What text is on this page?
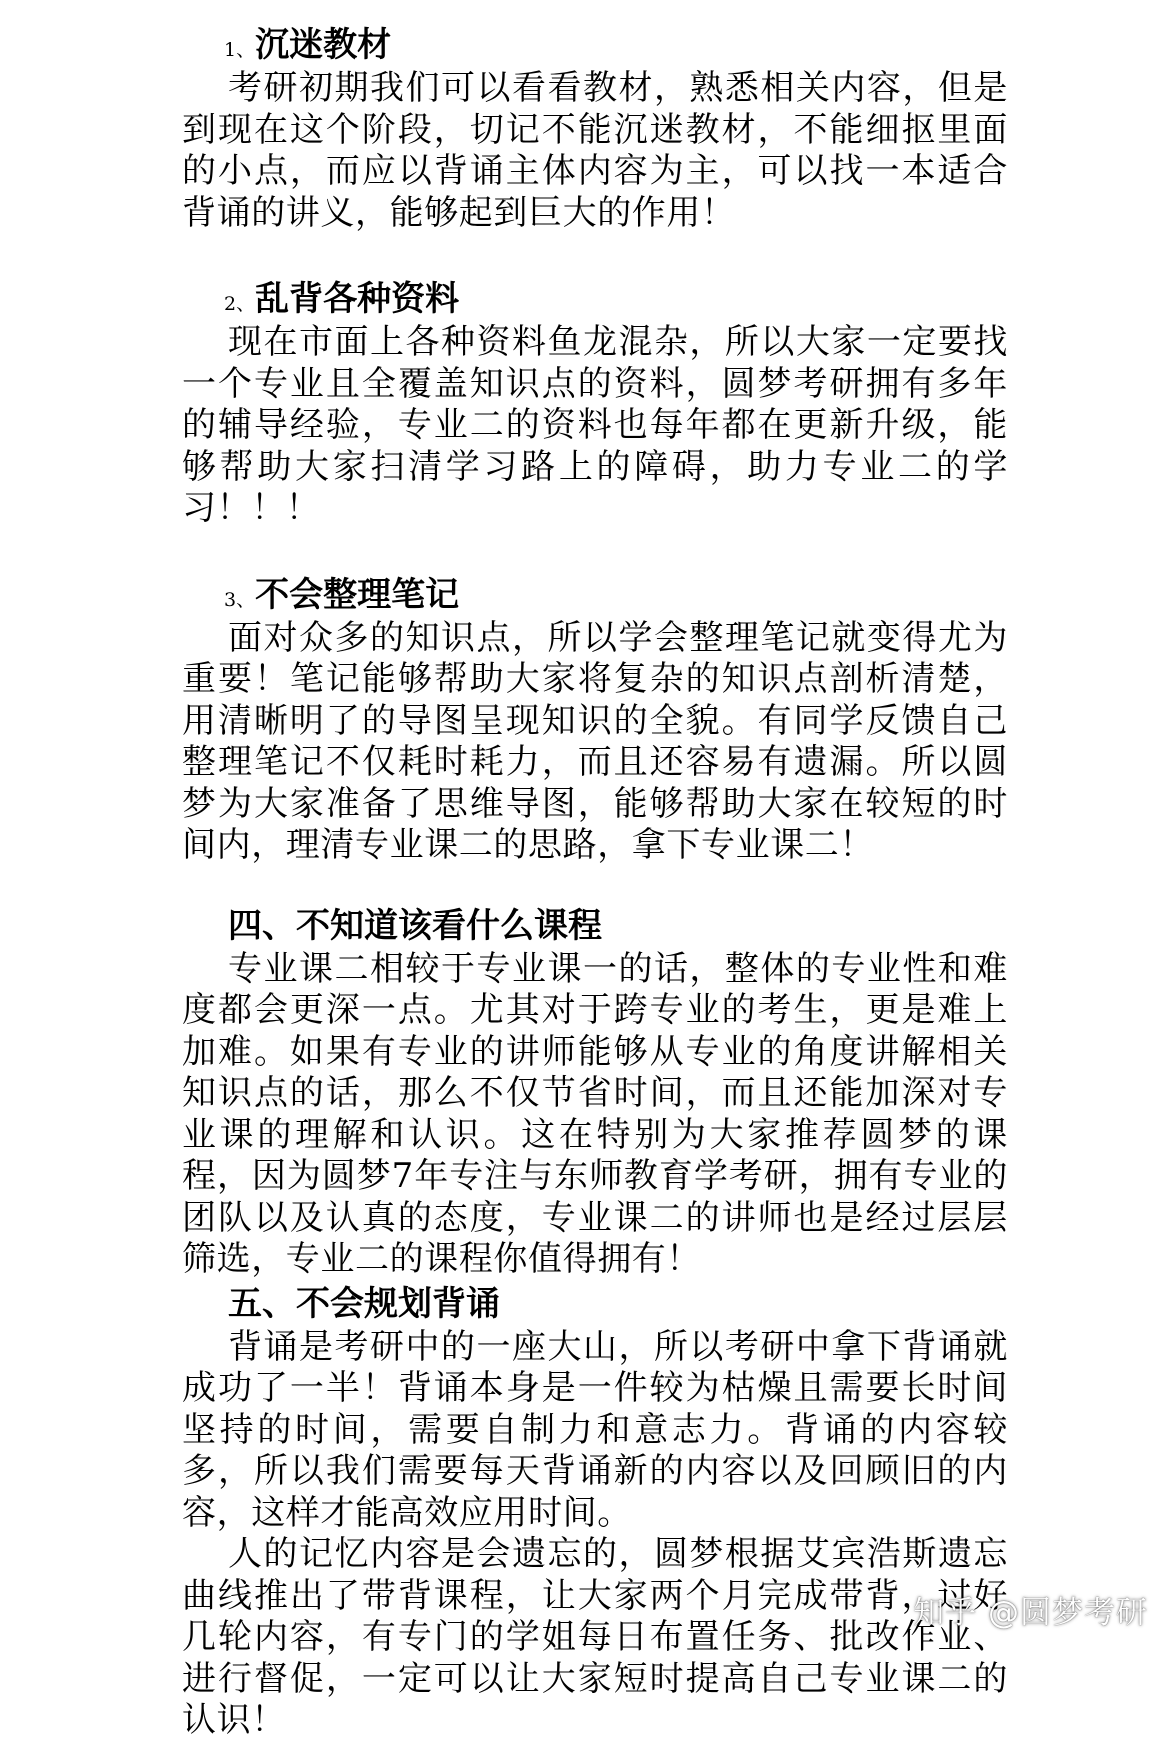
1、沉迷教材

考研初期我们可以看看教材，熟悉相关内容，但是到现在这个阶段，切记不能沉迷教材，不能细抠里面的小点，而应以背诵主体内容为主，可以找一本适合背诵的讲义，能够起到巨大的作用！

2、乱背各种资料

现在市面上各种资料鱼龙混杂，所以大家一定要找一个专业且全覆盖知识点的资料，圆梦考研拥有多年的辅导经验，专业二的资料也每年都在更新升级，能够帮助大家扫清学习路上的障碍，助力专业二的学习！！！

3、不会整理笔记

面对众多的知识点，所以学会整理笔记就变得尤为重要！笔记能够帮助大家将复杂的知识点剖析清楚，用清晰明了的导图呈现知识的全貌。有同学反馈自己整理笔记不仅耗时耗力，而且还容易有遗漏。所以圆梦为大家准备了思维导图，能够帮助大家在较短的时间内，理清专业课二的思路，拿下专业课二！

四、不知道该看什么课程

专业课二相较于专业课一的话，整体的专业性和难度都会更深一点。尤其对于跨专业的考生，更是难上加难。如果有专业的讲师能够从专业的角度讲解相关知识点的话，那么不仅节省时间，而且还能加深对专业课的理解和认识。这在特别为大家推荐圆梦的课程，因为圆梦7年专注与东师教育学考研，拥有专业的团队以及认真的态度，专业课二的讲师也是经过层层筛选，专业二的课程你值得拥有！

五、不会规划背诵

背诵是考研中的一座大山，所以考研中拿下背诵就成功了一半！背诵本身是一件较为枯燥且需要长时间坚持的时间，需要自制力和意志力。背诵的内容较多，所以我们需要每天背诵新的内容以及回顾旧的内容，这样才能高效应用时间。

人的记忆内容是会遗忘的，圆梦根据艾宾浩斯遗忘曲线推出了带背课程，让大家两个月完成带背，过好几轮内容，有专门的学姐每日布置任务、批改作业、进行督促，一定可以让大家短时提高自己专业课二的认识！

知乎 @圆梦考研
